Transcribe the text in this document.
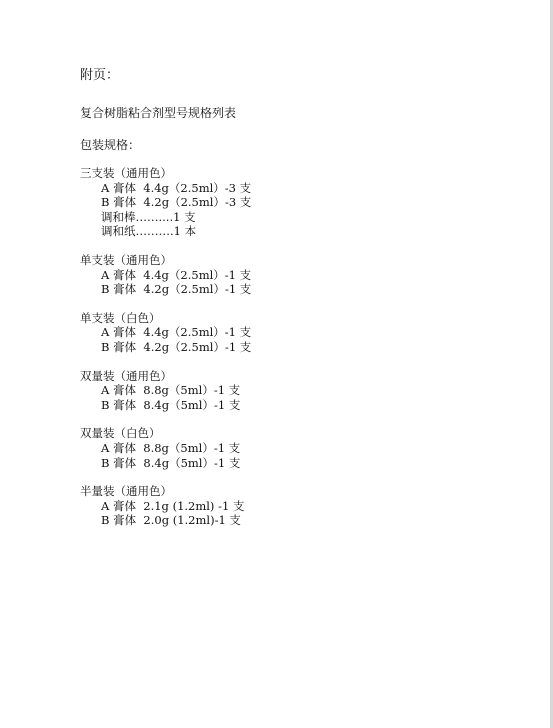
附页：
复合树脂粘合剂型号规格列表
包装规格：
三支装（通用色）
A 膏体  4.4g（2.5ml）-3 支
B 膏体  4.2g（2.5ml）-3 支
调和棒……....1 支
调和纸……….1 本
单支装（通用色）
A 膏体  4.4g（2.5ml）-1 支
B 膏体  4.2g（2.5ml）-1 支
单支装（白色）
A 膏体  4.4g（2.5ml）-1 支
B 膏体  4.2g（2.5ml）-1 支
双量装（通用色）
A 膏体  8.8g（5ml）-1 支
B 膏体  8.4g（5ml）-1 支
双量装（白色）
A 膏体  8.8g（5ml）-1 支
B 膏体  8.4g（5ml）-1 支
半量装（通用色）
A 膏体  2.1g (1.2ml) -1 支
B 膏体  2.0g (1.2ml)-1 支
